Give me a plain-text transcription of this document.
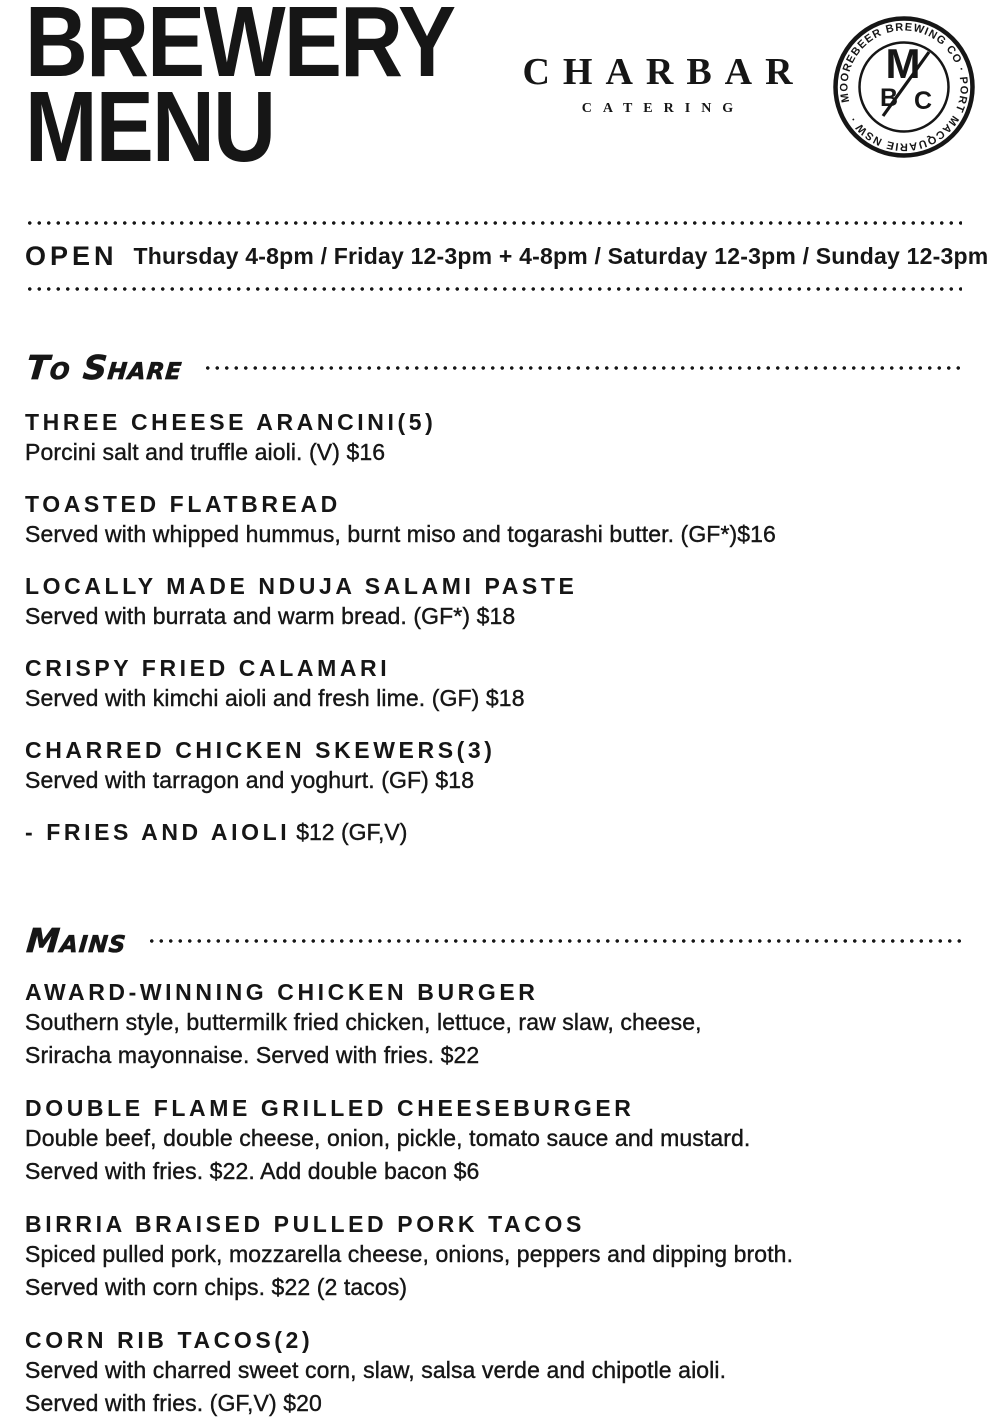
BREWERY
MENU	CHARBAR
CATERING
MOOREBEER BREWING CO · PORT MACQUARIE NSW ·
M
B C
OPEN Thursday 4-8pm / Friday 12-3pm + 4-8pm / Saturday 12-3pm / Sunday 12-3pm
To Share
THREE CHEESE ARANCINI(5)
Porcini salt and truffle aioli. (V) $16
TOASTED FLATBREAD
Served with whipped hummus, burnt miso and togarashi butter. (GF*)$16
LOCALLY MADE NDUJA SALAMI PASTE
Served with burrata and warm bread. (GF*) $18
CRISPY FRIED CALAMARI
Served with kimchi aioli and fresh lime. (GF) $18
CHARRED CHICKEN SKEWERS(3)
Served with tarragon and yoghurt. (GF) $18
- FRIES AND AIOLI $12 (GF,V)
Mains
AWARD-WINNING CHICKEN BURGER
Southern style, buttermilk fried chicken, lettuce, raw slaw, cheese,
Sriracha mayonnaise. Served with fries. $22
DOUBLE FLAME GRILLED CHEESEBURGER
Double beef, double cheese, onion, pickle, tomato sauce and mustard.
Served with fries. $22. Add double bacon $6
BIRRIA BRAISED PULLED PORK TACOS
Spiced pulled pork, mozzarella cheese, onions, peppers and dipping broth.
Served with corn chips. $22 (2 tacos)
CORN RIB TACOS(2)
Served with charred sweet corn, slaw, salsa verde and chipotle aioli.
Served with fries. (GF,V) $20
